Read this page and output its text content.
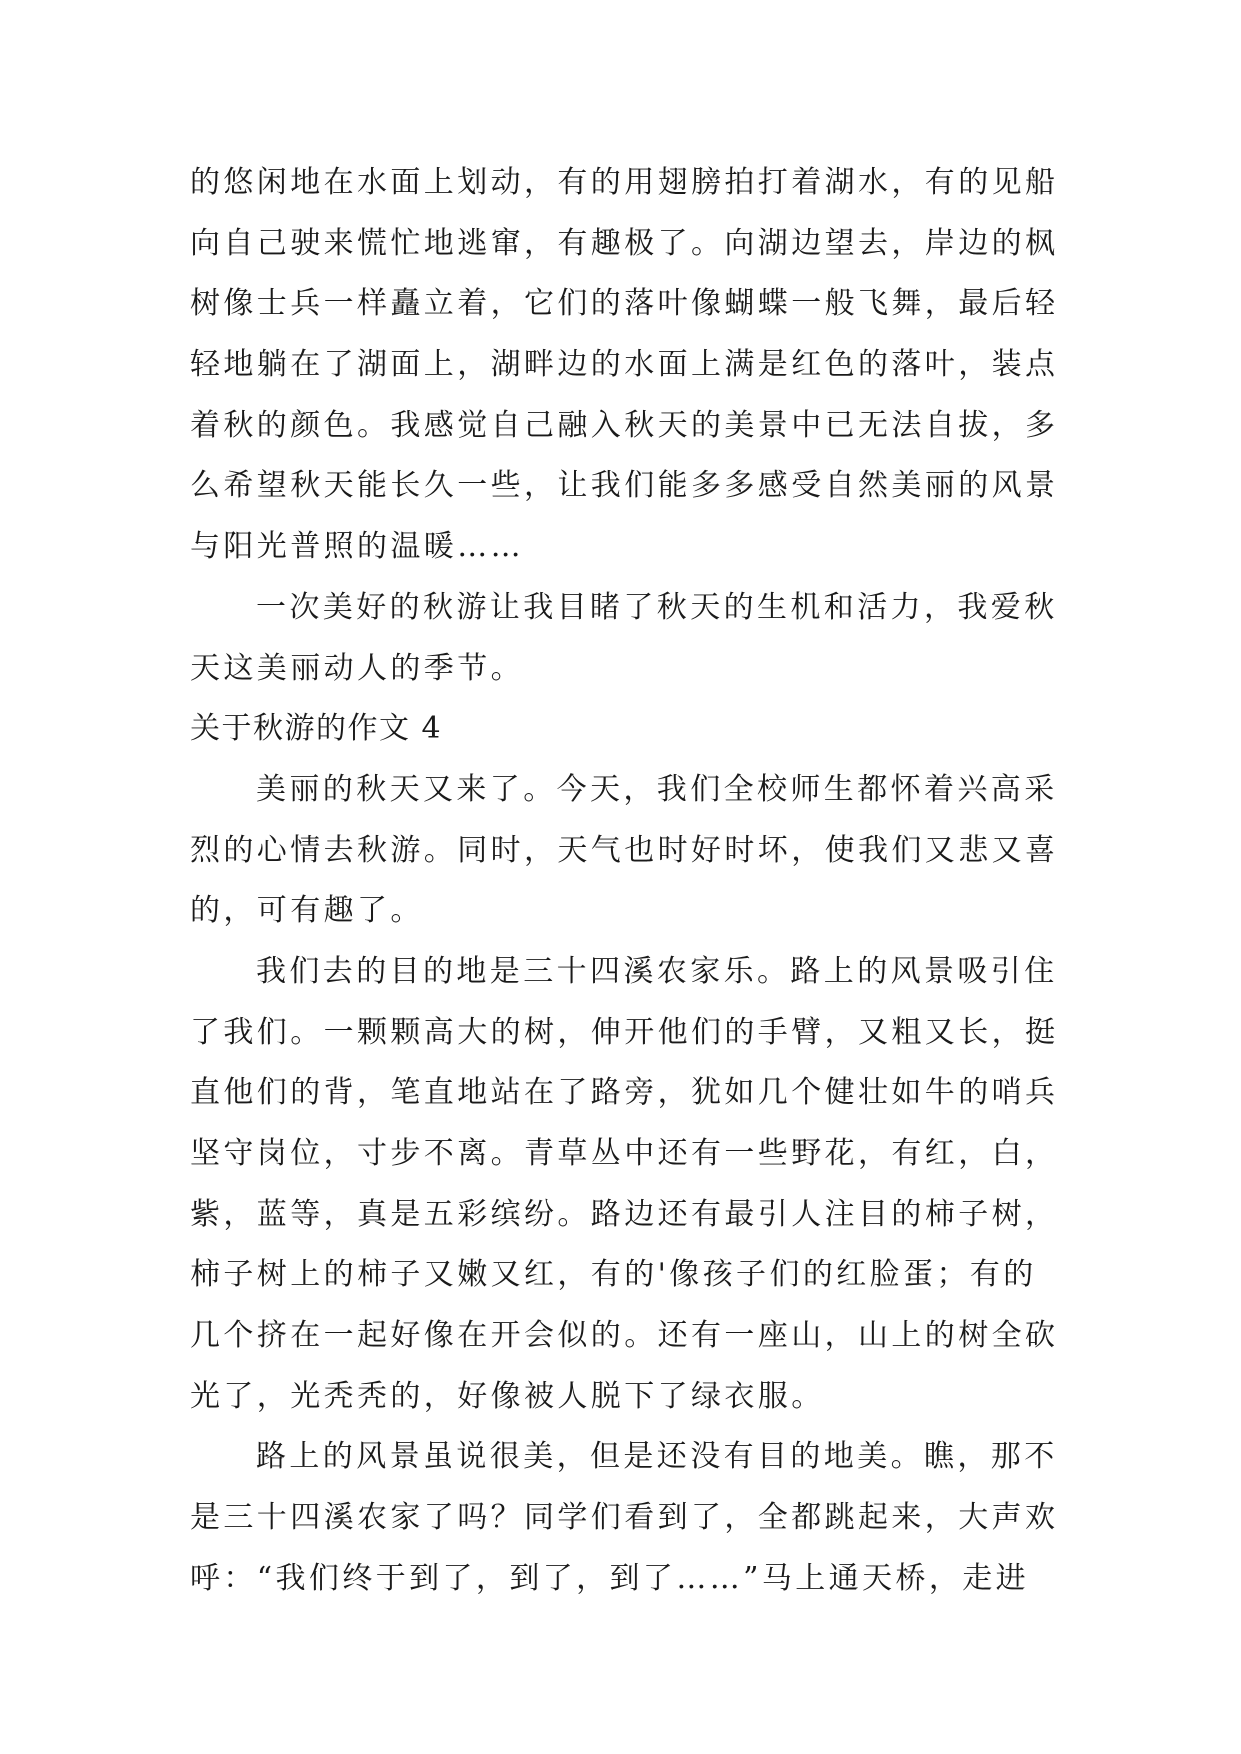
的悠闲地在水面上划动，有的用翅膀拍打着湖水，有的见船
向自己驶来慌忙地逃窜，有趣极了。向湖边望去，岸边的枫
树像士兵一样矗立着，它们的落叶像蝴蝶一般飞舞，最后轻
轻地躺在了湖面上，湖畔边的水面上满是红色的落叶，装点
着秋的颜色。我感觉自己融入秋天的美景中已无法自拔，多
么希望秋天能长久一些，让我们能多多感受自然美丽的风景
与阳光普照的温暖……
一次美好的秋游让我目睹了秋天的生机和活力，我爱秋
天这美丽动人的季节。
关于秋游的作文 4
美丽的秋天又来了。今天，我们全校师生都怀着兴高采
烈的心情去秋游。同时，天气也时好时坏，使我们又悲又喜
的，可有趣了。
我们去的目的地是三十四溪农家乐。路上的风景吸引住
了我们。一颗颗高大的树，伸开他们的手臂，又粗又长，挺
直他们的背，笔直地站在了路旁，犹如几个健壮如牛的哨兵
坚守岗位，寸步不离。青草丛中还有一些野花，有红，白，
紫，蓝等，真是五彩缤纷。路边还有最引人注目的柿子树，
柿子树上的柿子又嫩又红，有的'像孩子们的红脸蛋；有的
几个挤在一起好像在开会似的。还有一座山，山上的树全砍
光了，光秃秃的，好像被人脱下了绿衣服。
路上的风景虽说很美，但是还没有目的地美。瞧，那不
是三十四溪农家了吗？同学们看到了，全都跳起来，大声欢
呼：“我们终于到了，到了，到了……”马上通天桥，走进
